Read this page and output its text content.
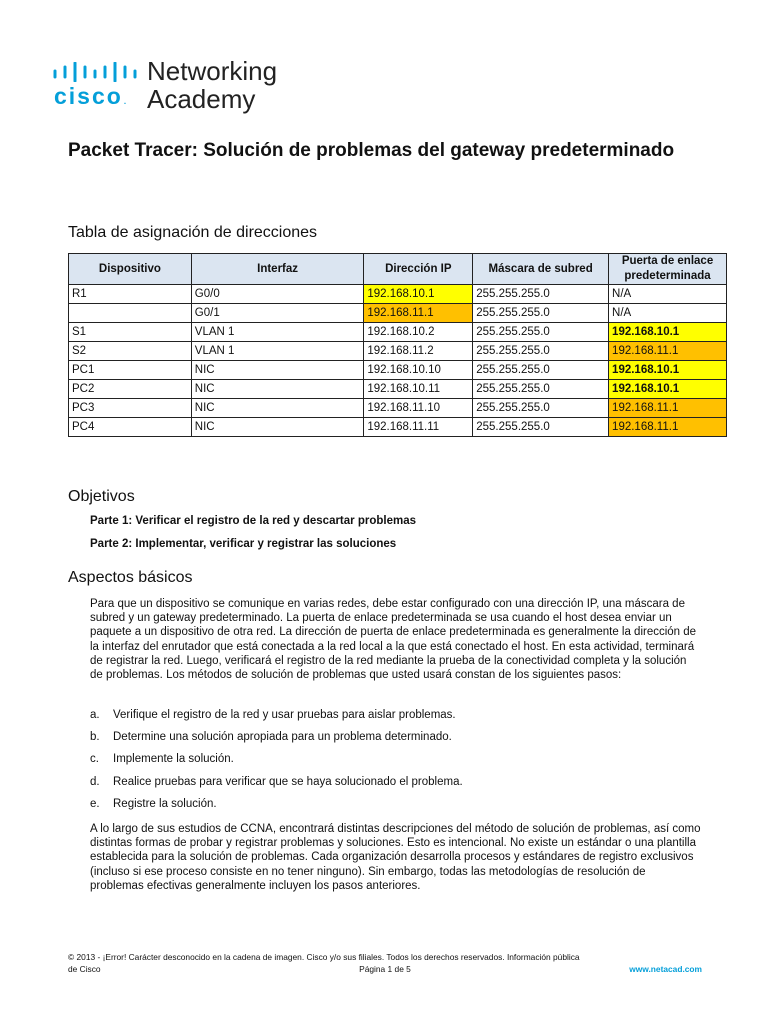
cisco.
Networking
Academy
Packet Tracer: Solución de problemas del gateway predeterminado
Tabla de asignación de direcciones
Dispositivo	Interfaz	Dirección IP	Máscara de subred	Puerta de enlace predeterminada
R1	G0/0	192.168.10.1	255.255.255.0	N/A
	G0/1	192.168.11.1	255.255.255.0	N/A
S1	VLAN 1	192.168.10.2	255.255.255.0	192.168.10.1
S2	VLAN 1	192.168.11.2	255.255.255.0	192.168.11.1
PC1	NIC	192.168.10.10	255.255.255.0	192.168.10.1
PC2	NIC	192.168.10.11	255.255.255.0	192.168.10.1
PC3	NIC	192.168.11.10	255.255.255.0	192.168.11.1
PC4	NIC	192.168.11.11	255.255.255.0	192.168.11.1
Objetivos
Parte 1: Verificar el registro de la red y descartar problemas
Parte 2: Implementar, verificar y registrar las soluciones
Aspectos básicos

Para que un dispositivo se comunique en varias redes, debe estar configurado con una dirección IP, una máscara de subred y un gateway predeterminado. La puerta de enlace predeterminada se usa cuando el host desea enviar un paquete a un dispositivo de otra red. La dirección de puerta de enlace predeterminada es generalmente la dirección de la interfaz del enrutador que está conectada a la red local a la que está conectado el host. En esta actividad, terminará de registrar la red. Luego, verificará el registro de la red mediante la prueba de la conectividad completa y la solución de problemas. Los métodos de solución de problemas que usted usará constan de los siguientes pasos:

a. Verifique el registro de la red y usar pruebas para aislar problemas.
b. Determine una solución apropiada para un problema determinado.
c. Implemente la solución.
d. Realice pruebas para verificar que se haya solucionado el problema.
e. Registre la solución.

A lo largo de sus estudios de CCNA, encontrará distintas descripciones del método de solución de problemas, así como distintas formas de probar y registrar problemas y soluciones. Esto es intencional. No existe un estándar o una plantilla establecida para la solución de problemas. Cada organización desarrolla procesos y estándares de registro exclusivos (incluso si ese proceso consiste en no tener ninguno). Sin embargo, todas las metodologías de resolución de problemas efectivas generalmente incluyen los pasos anteriores.

© 2013 - ¡Error! Carácter desconocido en la cadena de imagen. Cisco y/o sus filiales. Todos los derechos reservados. Información pública
de Cisco	Página 1 de 5	www.netacad.com
